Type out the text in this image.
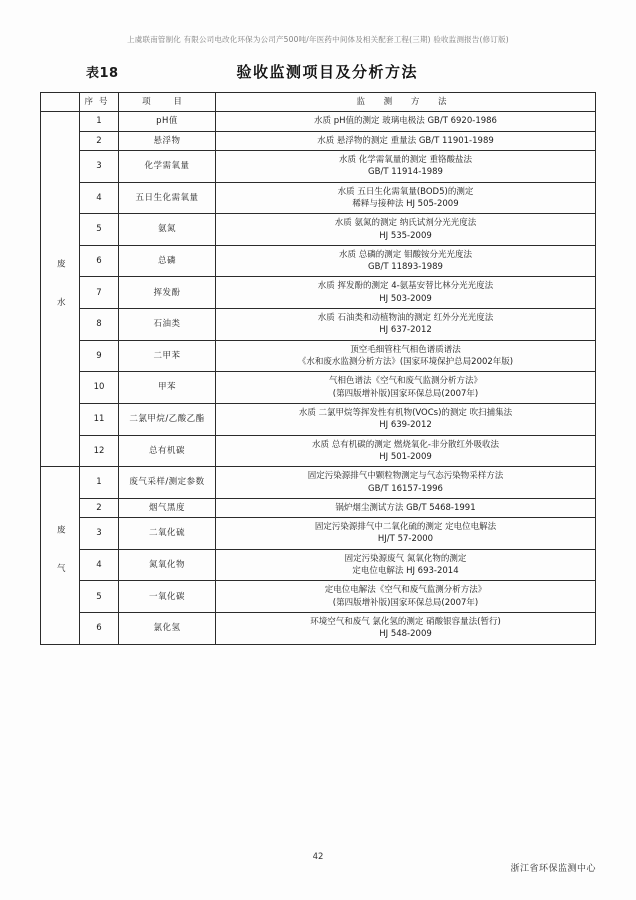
上虞联南管制化 有限公司电改化环保为公司产500吨/年医药中间体及相关配套工程(三期) 验收监测报告(修订版)
表18	验收监测项目及分析方法
	序号	项 目	监 测 方 法
废 水	1	pH值	水质 pH值的测定 玻璃电极法 GB/T 6920-1986

	2	悬浮物	水质 悬浮物的测定 重量法 GB/T 11901-1989

	3	化学需氧量	水质 化学需氧量的测定 重铬酸盐法
GB/T 11914-1989

	4	五日生化需氧量	水质 五日生化需氧量(BOD5)的测定
稀释与接种法 HJ 505-2009

	5	氨氮	水质 氨氮的测定 纳氏试剂分光光度法
HJ 535-2009

	6	总磷	水质 总磷的测定 钼酸铵分光光度法
GB/T 11893-1989

	7	挥发酚	水质 挥发酚的测定 4-氨基安替比林分光光度法
HJ 503-2009

	8	石油类	水质 石油类和动植物油的测定 红外分光光度法
HJ 637-2012

	9	二甲苯	顶空毛细管柱气相色谱质谱法
《水和废水监测分析方法》(国家环境保护总局2002年版)

	10	甲苯	气相色谱法《空气和废气监测分析方法》
(第四版增补版)国家环保总局(2007年)

	11	二氯甲烷/乙酸乙酯	水质 二氯甲烷等挥发性有机物(VOCs)的测定 吹扫捕集法
HJ 639-2012

	12	总有机碳	水质 总有机碳的测定 燃烧氧化-非分散红外吸收法
HJ 501-2009

废 气	1	废气采样/测定参数	固定污染源排气中颗粒物测定与气态污染物采样方法
GB/T 16157-1996

	2	烟气黑度	锅炉烟尘测试方法 GB/T 5468-1991

	3	二氧化硫	固定污染源排气中二氧化硫的测定 定电位电解法
HJ/T 57-2000

	4	氮氧化物	固定污染源废气 氮氧化物的测定
定电位电解法 HJ 693-2014

	5	一氧化碳	定电位电解法《空气和废气监测分析方法》
(第四版增补版)国家环保总局(2007年)

	6	氯化氢	环境空气和废气 氯化氢的测定 硝酸银容量法(暂行)
HJ 548-2009
42
浙江省环保监测中心
